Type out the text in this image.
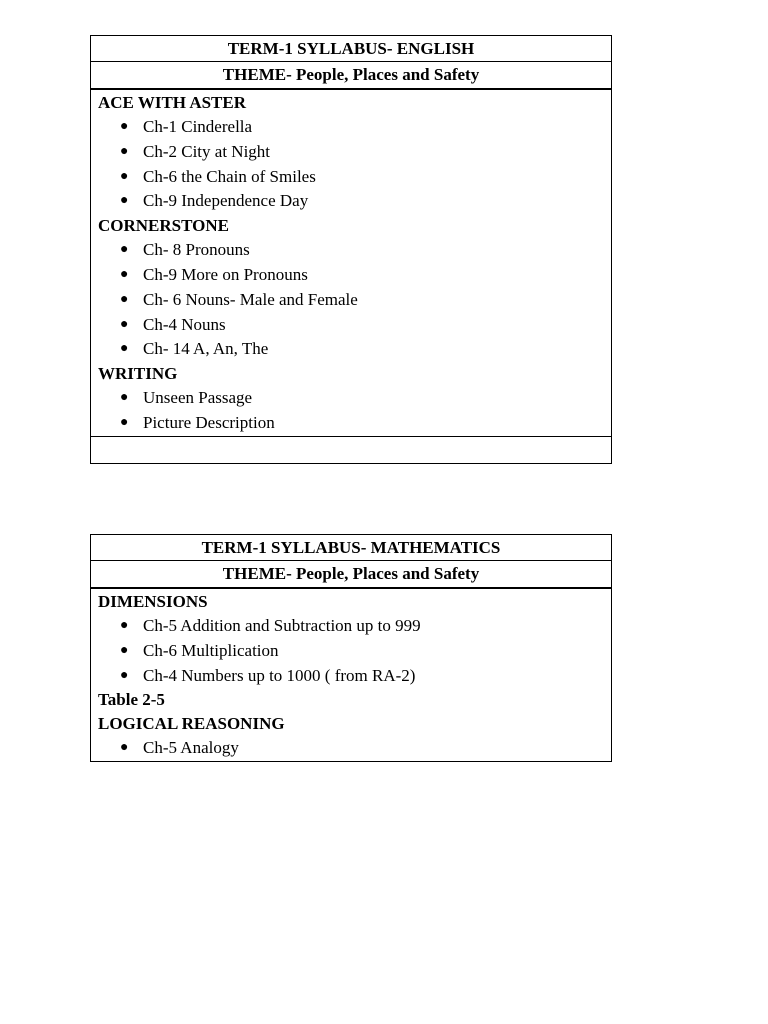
TERM-1 SYLLABUS- ENGLISH
THEME- People, Places and Safety
ACE WITH ASTER
● Ch-1 Cinderella
● Ch-2 City at Night
● Ch-6 the Chain of Smiles
● Ch-9 Independence Day
CORNERSTONE
● Ch- 8 Pronouns
● Ch-9 More on Pronouns
● Ch- 6 Nouns- Male and Female
● Ch-4 Nouns
● Ch- 14 A, An, The
WRITING
● Unseen Passage
● Picture Description
TERM-1 SYLLABUS- MATHEMATICS
THEME- People, Places and Safety
DIMENSIONS
● Ch-5 Addition and Subtraction up to 999
● Ch-6 Multiplication
● Ch-4 Numbers up to 1000 ( from RA-2)
Table 2-5
LOGICAL REASONING
● Ch-5 Analogy
